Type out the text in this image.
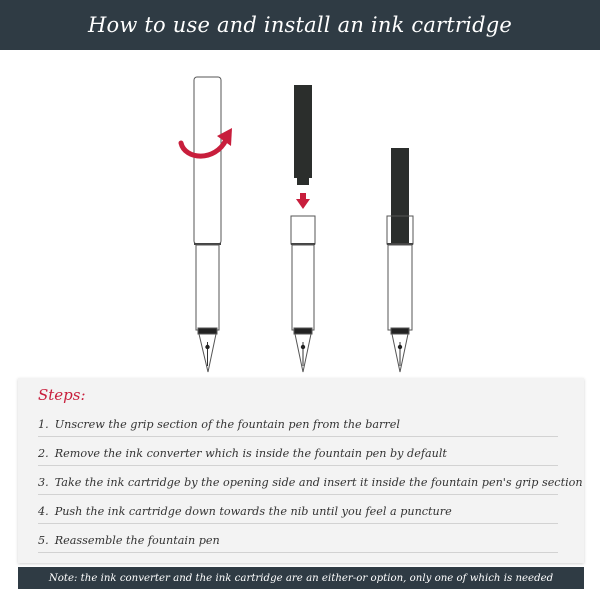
How to use and install an ink cartridge
Steps:
1. Unscrew the grip section of the fountain pen from the barrel
2. Remove the ink converter which is inside the fountain pen by default
3. Take the ink cartridge by the opening side and insert it inside the fountain pen's grip section
4. Push the ink cartridge down towards the nib until you feel a puncture
5. Reassemble the fountain pen
Note: the ink converter and the ink cartridge are an either-or option, only one of which is needed
